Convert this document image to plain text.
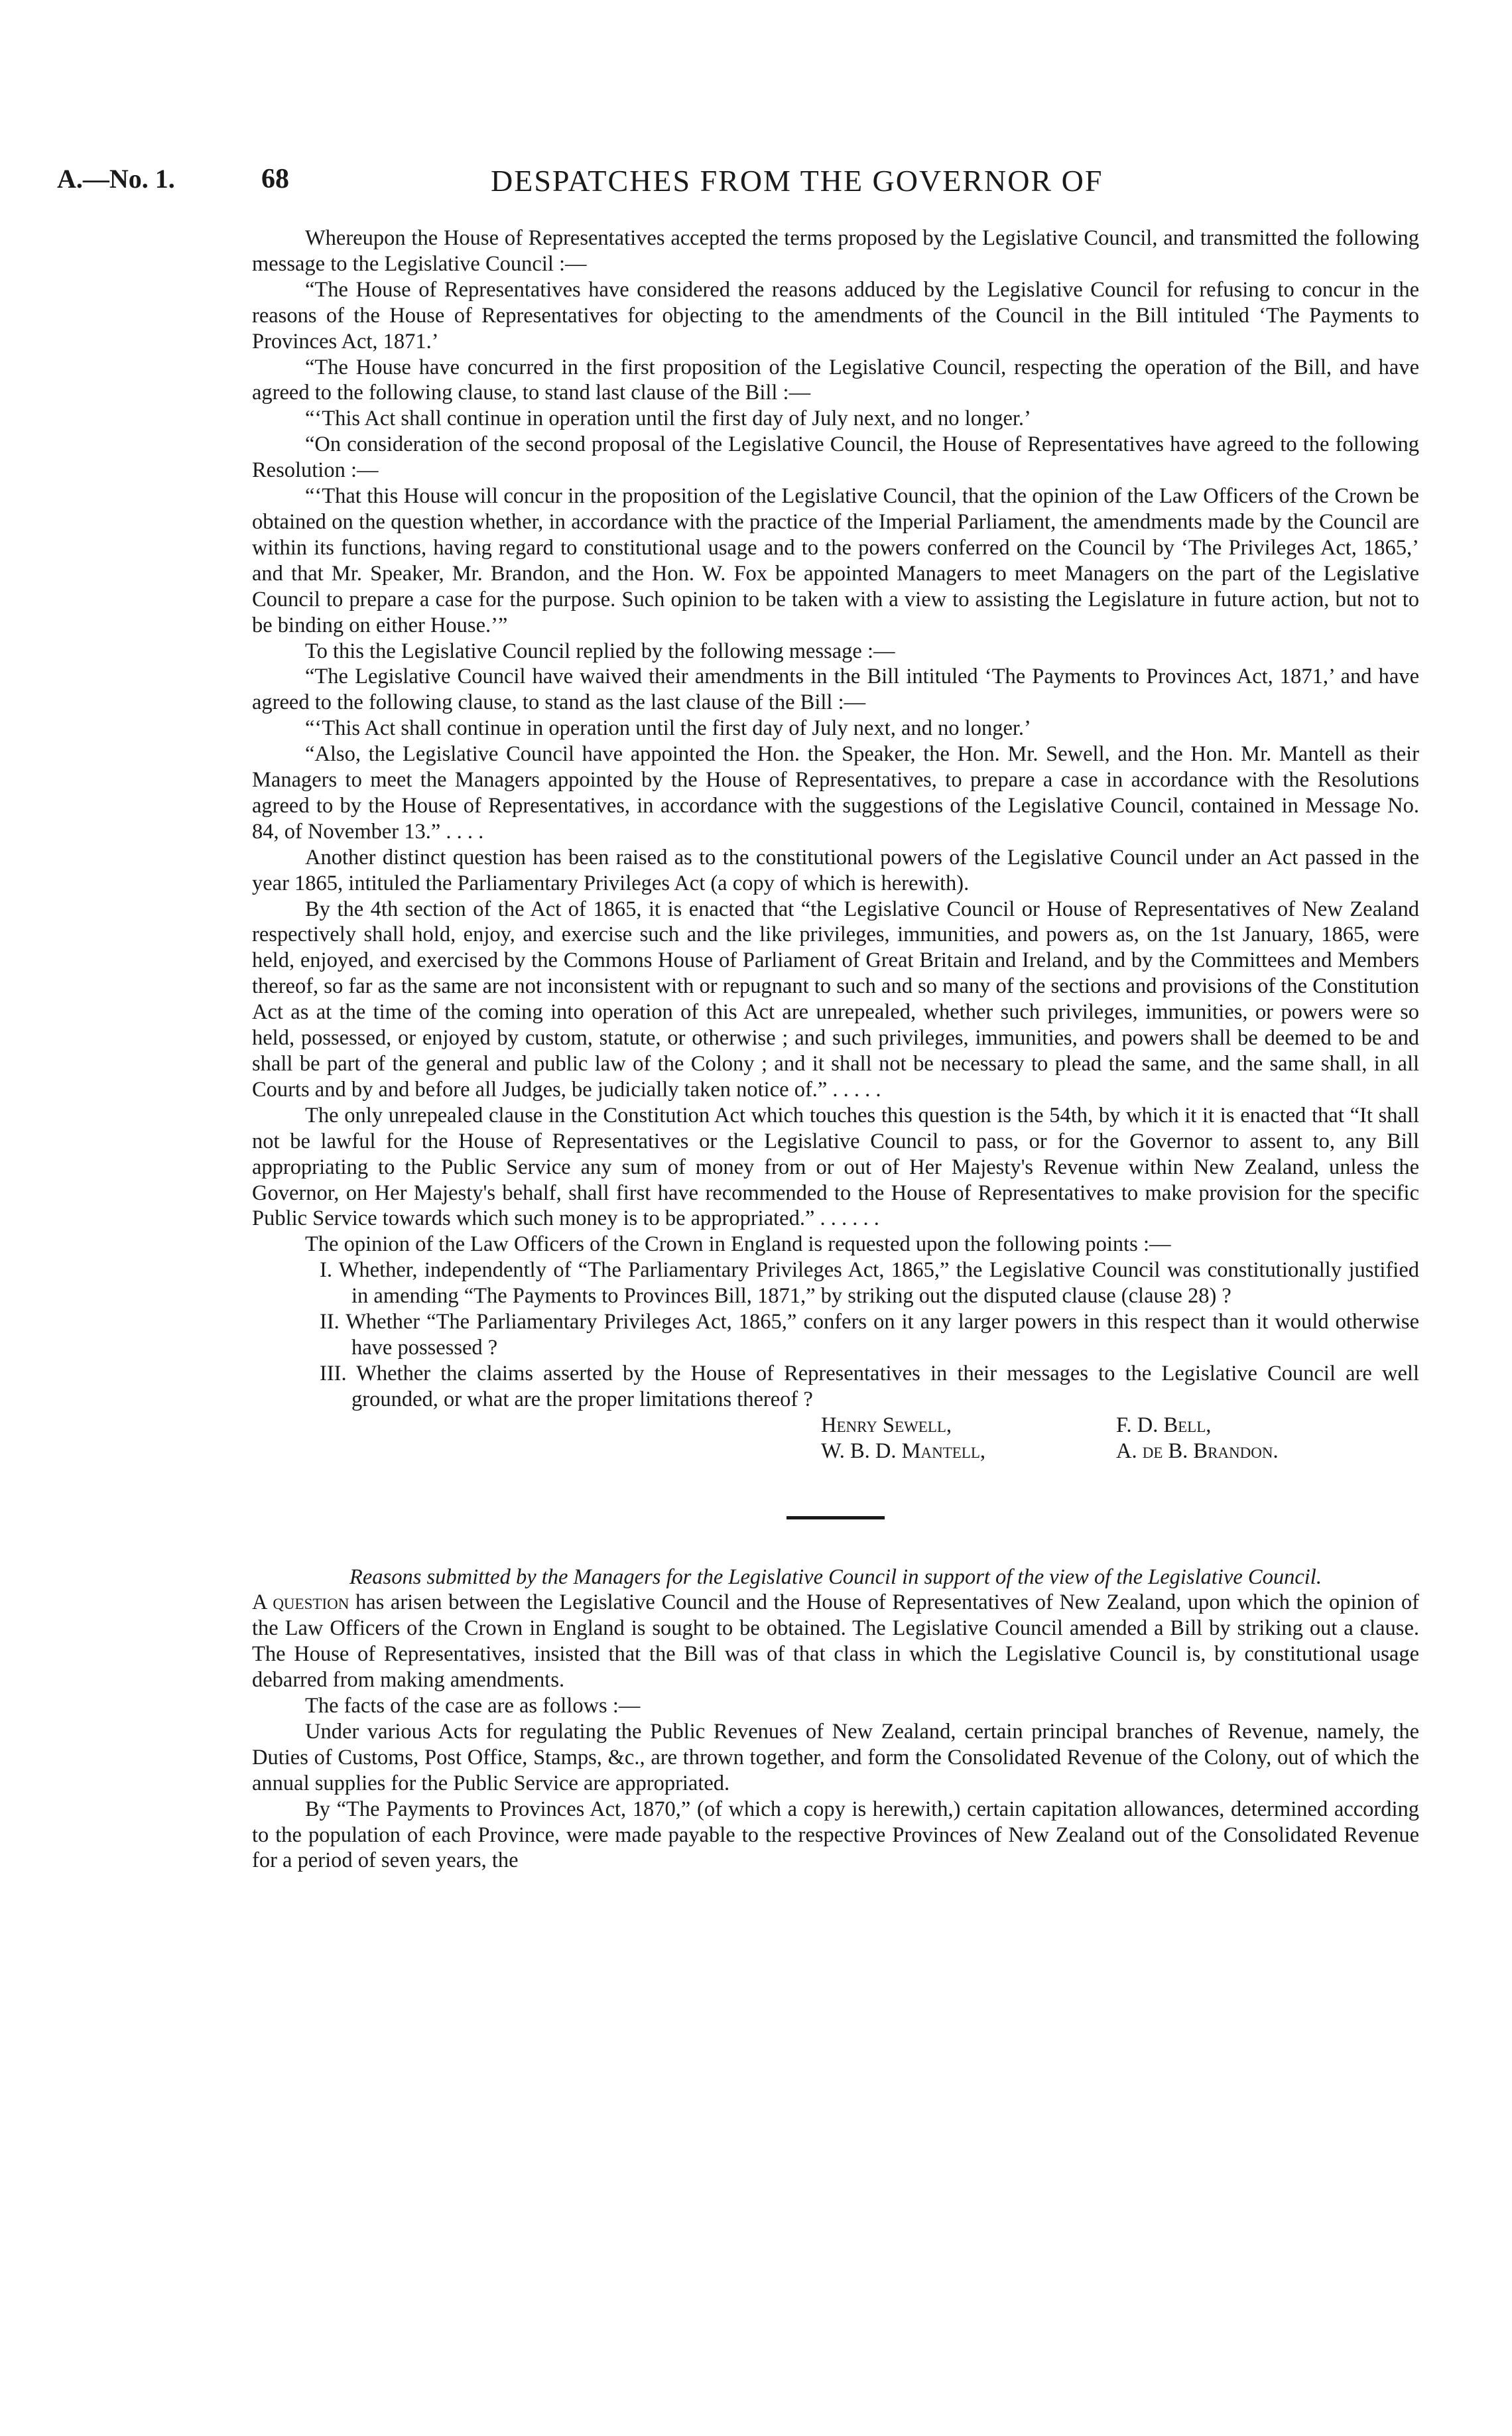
A.—No. 1.	68	DESPATCHES FROM THE GOVERNOR OF

Whereupon the House of Representatives accepted the terms proposed by the Legislative Council, and transmitted the following message to the Legislative Council :—

“The House of Representatives have considered the reasons adduced by the Legislative Council for refusing to concur in the reasons of the House of Representatives for objecting to the amendments of the Council in the Bill intituled ‘The Payments to Provinces Act, 1871.’

“The House have concurred in the first proposition of the Legislative Council, respecting the operation of the Bill, and have agreed to the following clause, to stand last clause of the Bill :—

“‘This Act shall continue in operation until the first day of July next, and no longer.’

“On consideration of the second proposal of the Legislative Council, the House of Representatives have agreed to the following Resolution :—

“‘That this House will concur in the proposition of the Legislative Council, that the opinion of the Law Officers of the Crown be obtained on the question whether, in accordance with the practice of the Imperial Parliament, the amendments made by the Council are within its functions, having regard to constitutional usage and to the powers conferred on the Council by ‘The Privileges Act, 1865,’ and that Mr. Speaker, Mr. Brandon, and the Hon. W. Fox be appointed Managers to meet Managers on the part of the Legislative Council to prepare a case for the purpose. Such opinion to be taken with a view to assisting the Legislature in future action, but not to be binding on either House.’”

To this the Legislative Council replied by the following message :—

“The Legislative Council have waived their amendments in the Bill intituled ‘The Payments to Provinces Act, 1871,’ and have agreed to the following clause, to stand as the last clause of the Bill :—

“‘This Act shall continue in operation until the first day of July next, and no longer.’

“Also, the Legislative Council have appointed the Hon. the Speaker, the Hon. Mr. Sewell, and the Hon. Mr. Mantell as their Managers to meet the Managers appointed by the House of Representatives, to prepare a case in accordance with the Resolutions agreed to by the House of Representatives, in accordance with the suggestions of the Legislative Council, contained in Message No. 84, of November 13.” . . . .

Another distinct question has been raised as to the constitutional powers of the Legislative Council under an Act passed in the year 1865, intituled the Parliamentary Privileges Act (a copy of which is herewith).

By the 4th section of the Act of 1865, it is enacted that “the Legislative Council or House of Representatives of New Zealand respectively shall hold, enjoy, and exercise such and the like privileges, immunities, and powers as, on the 1st January, 1865, were held, enjoyed, and exercised by the Commons House of Parliament of Great Britain and Ireland, and by the Committees and Members thereof, so far as the same are not inconsistent with or repugnant to such and so many of the sections and provisions of the Constitution Act as at the time of the coming into operation of this Act are unrepealed, whether such privileges, immunities, or powers were so held, possessed, or enjoyed by custom, statute, or otherwise ; and such privileges, immunities, and powers shall be deemed to be and shall be part of the general and public law of the Colony ; and it shall not be necessary to plead the same, and the same shall, in all Courts and by and before all Judges, be judicially taken notice of.” . . . . .

The only unrepealed clause in the Constitution Act which touches this question is the 54th, by which it it is enacted that “It shall not be lawful for the House of Representatives or the Legislative Council to pass, or for the Governor to assent to, any Bill appropriating to the Public Service any sum of money from or out of Her Majesty's Revenue within New Zealand, unless the Governor, on Her Majesty's behalf, shall first have recommended to the House of Representatives to make provision for the specific Public Service towards which such money is to be appropriated.” . . . . . .

The opinion of the Law Officers of the Crown in England is requested upon the following points :—

I. Whether, independently of “The Parliamentary Privileges Act, 1865,” the Legislative Council was constitutionally justified in amending “The Payments to Provinces Bill, 1871,” by striking out the disputed clause (clause 28) ?

II. Whether “The Parliamentary Privileges Act, 1865,” confers on it any larger powers in this respect than it would otherwise have possessed ?

III. Whether the claims asserted by the House of Representatives in their messages to the Legislative Council are well grounded, or what are the proper limitations thereof ?

Henry Sewell,	F. D. Bell,

W. B. D. Mantell,	A. de B. Brandon.

Reasons submitted by the Managers for the Legislative Council in support of the view of the Legislative Council.

A question has arisen between the Legislative Council and the House of Representatives of New Zealand, upon which the opinion of the Law Officers of the Crown in England is sought to be obtained. The Legislative Council amended a Bill by striking out a clause. The House of Representatives, insisted that the Bill was of that class in which the Legislative Council is, by constitutional usage debarred from making amendments.

The facts of the case are as follows :—

Under various Acts for regulating the Public Revenues of New Zealand, certain principal branches of Revenue, namely, the Duties of Customs, Post Office, Stamps, &c., are thrown together, and form the Consolidated Revenue of the Colony, out of which the annual supplies for the Public Service are appropriated.

By “The Payments to Provinces Act, 1870,” (of which a copy is herewith,) certain capitation allowances, determined according to the population of each Province, were made payable to the respective Provinces of New Zealand out of the Consolidated Revenue for a period of seven years, the
